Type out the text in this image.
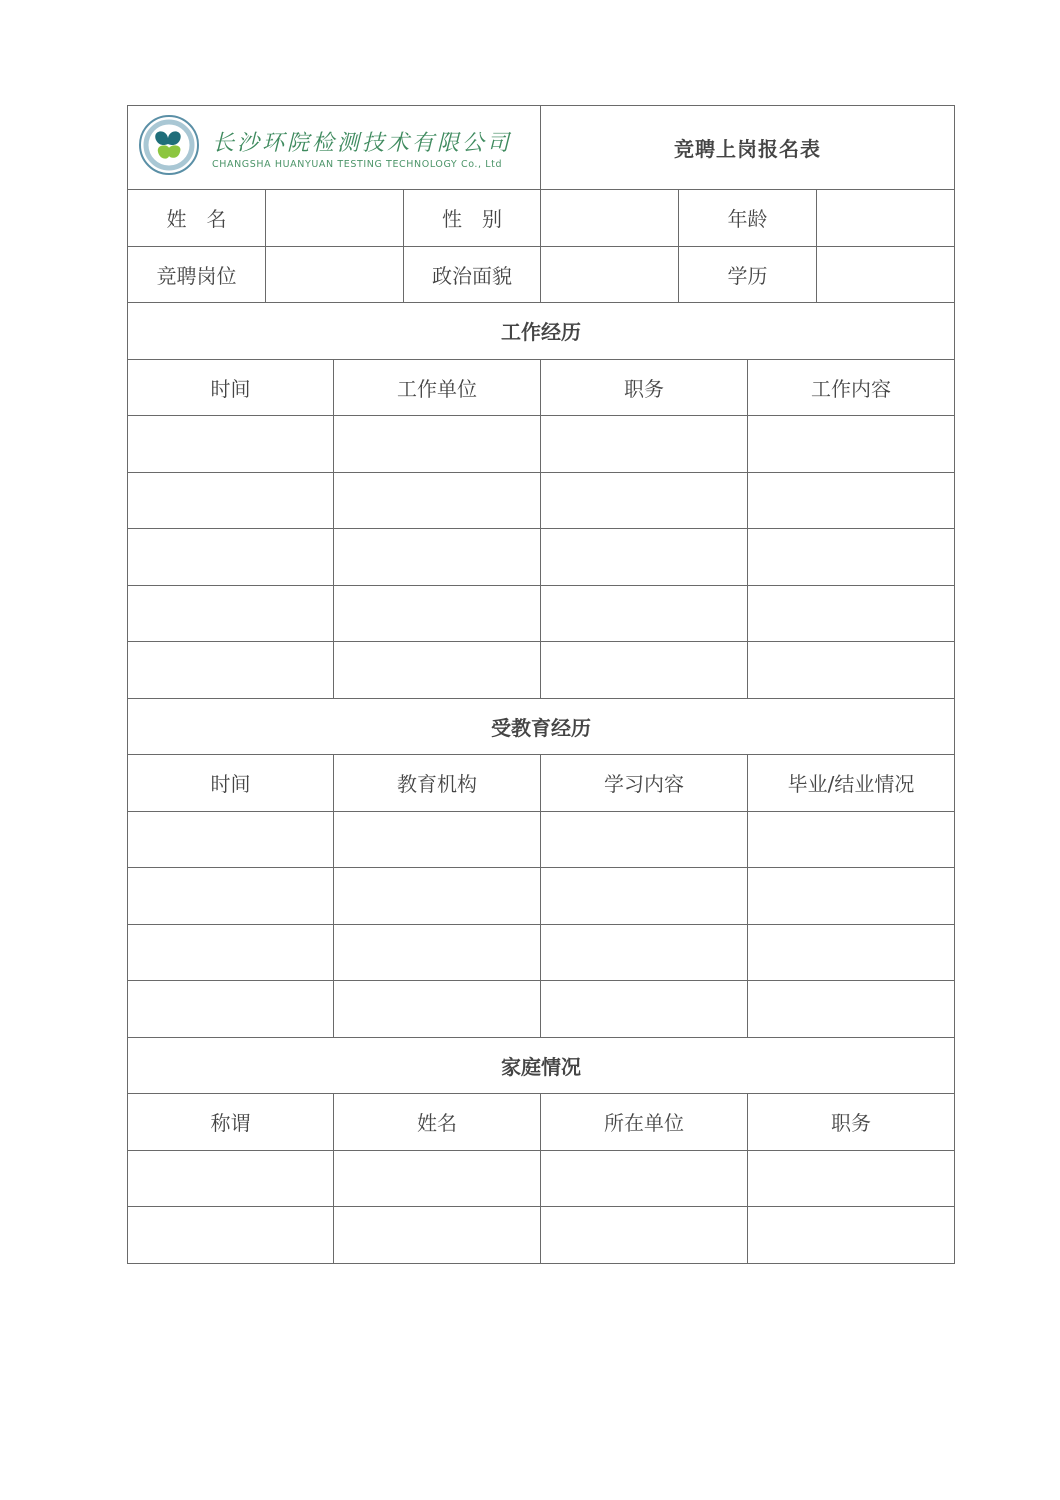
长沙环院检测技术有限公司
CHANGSHA HUANYUAN TESTING TECHNOLOGY Co., Ltd				竞聘上岗报名表			
姓　名			性　别		年龄		
竞聘岗位			政治面貌		学历		
工作经历							
时间		工作单位		职务		工作内容	

受教育经历							
时间		教育机构		学习内容		毕业/结业情况	

家庭情况							
称谓		姓名		所在单位		职务	
